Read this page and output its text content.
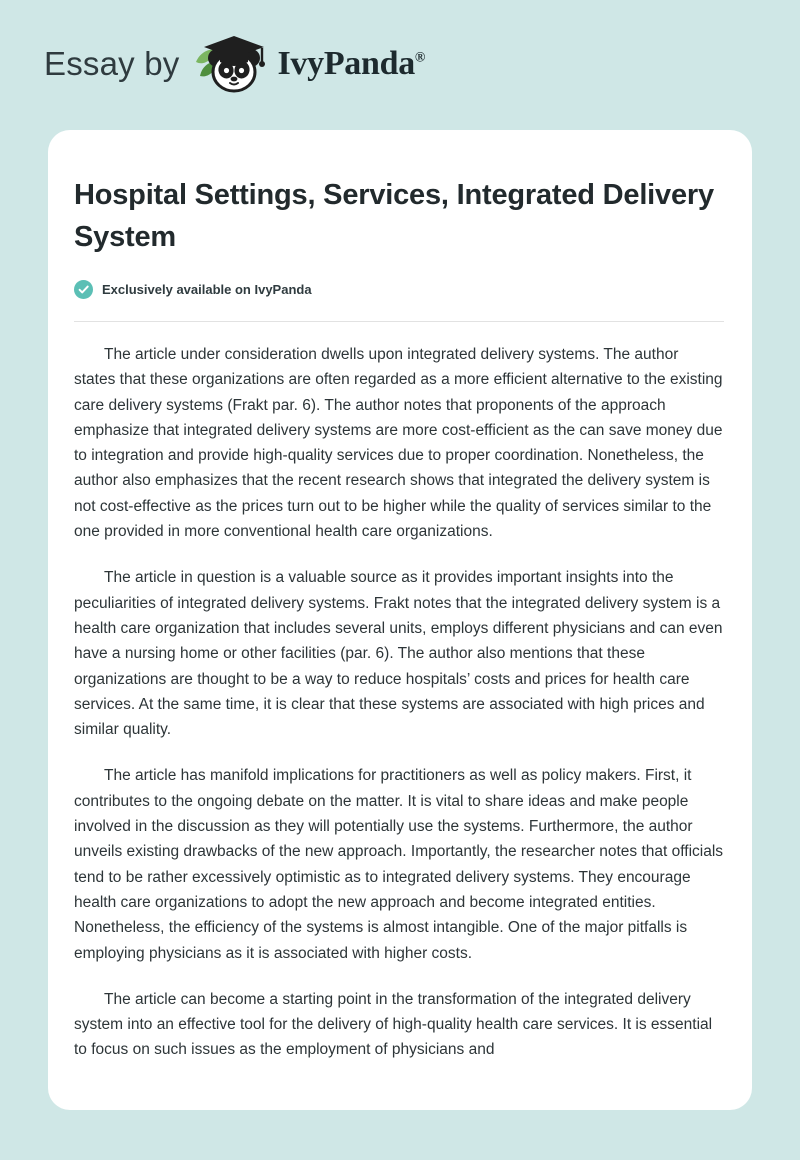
Essay by	IvyPanda®
Hospital Settings, Services, Integrated Delivery System
Exclusively available on IvyPanda

The article under consideration dwells upon integrated delivery systems. The author states that these organizations are often regarded as a more efficient alternative to the existing care delivery systems (Frakt par. 6). The author notes that proponents of the approach emphasize that integrated delivery systems are more cost-efficient as the can save money due to integration and provide high-quality services due to proper coordination. Nonetheless, the author also emphasizes that the recent research shows that integrated the delivery system is not cost-effective as the prices turn out to be higher while the quality of services similar to the one provided in more conventional health care organizations.

The article in question is a valuable source as it provides important insights into the peculiarities of integrated delivery systems. Frakt notes that the integrated delivery system is a health care organization that includes several units, employs different physicians and can even have a nursing home or other facilities (par. 6). The author also mentions that these organizations are thought to be a way to reduce hospitals’ costs and prices for health care services. At the same time, it is clear that these systems are associated with high prices and similar quality.

The article has manifold implications for practitioners as well as policy makers. First, it contributes to the ongoing debate on the matter. It is vital to share ideas and make people involved in the discussion as they will potentially use the systems. Furthermore, the author unveils existing drawbacks of the new approach. Importantly, the researcher notes that officials tend to be rather excessively optimistic as to integrated delivery systems. They encourage health care organizations to adopt the new approach and become integrated entities. Nonetheless, the efficiency of the systems is almost intangible. One of the major pitfalls is employing physicians as it is associated with higher costs.

The article can become a starting point in the transformation of the integrated delivery system into an effective tool for the delivery of high-quality health care services. It is essential to focus on such issues as the employment of physicians and
